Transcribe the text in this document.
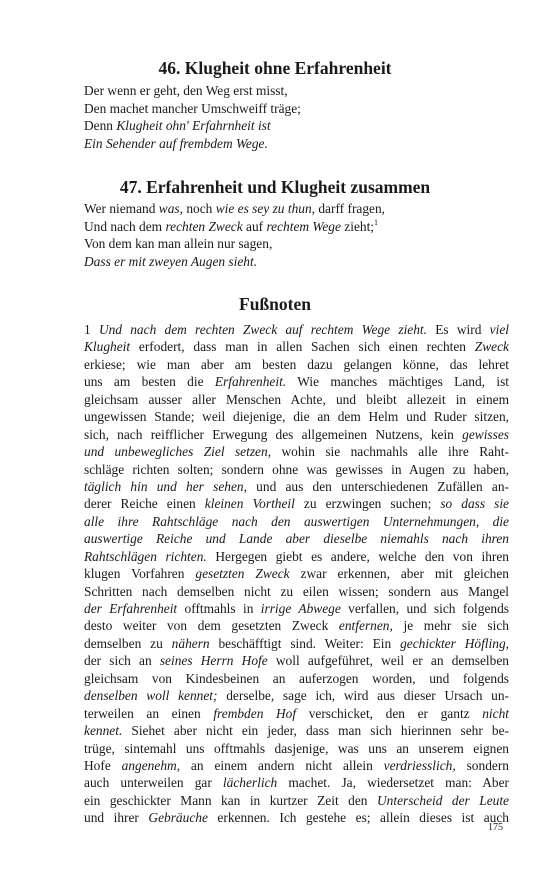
46. Klugheit ohne Erfahrenheit
Der wenn er geht, den Weg erst misst,
Den machet mancher Umschweiff träge;
Denn Klugheit ohn' Erfahrnheit ist
Ein Sehender auf frembdem Wege.
47. Erfahrenheit und Klugheit zusammen
Wer niemand was, noch wie es sey zu thun, darff fragen,
Und nach dem rechten Zweck auf rechtem Wege zieht;$^1$
Von dem kan man allein nur sagen,
Dass er mit zweyen Augen sieht.
Fußnoten
1 Und nach dem rechten Zweck auf rechtem Wege zieht. Es wird viel
Klugheit erfodert, dass man in allen Sachen sich einen rechten Zweck
erkiese; wie man aber am besten dazu gelangen könne, das lehret
uns am besten die Erfahrenheit. Wie manches mächtiges Land, ist
gleichsam ausser aller Menschen Achte, und bleibt allezeit in einem
ungewissen Stande; weil diejenige, die an dem Helm und Ruder sitzen,
sich, nach reifflicher Erwegung des allgemeinen Nutzens, kein gewisses
und unbewegliches Ziel setzen, wohin sie nachmahls alle ihre Raht-
schläge richten solten; sondern ohne was gewisses in Augen zu haben,
täglich hin und her sehen, und aus den unterschiedenen Zufällen an-
derer Reiche einen kleinen Vortheil zu erzwingen suchen; so dass sie
alle ihre Rahtschläge nach den auswertigen Unternehmungen, die
auswertige Reiche und Lande aber dieselbe niemahls nach ihren
Rahtschlägen richten. Hergegen giebt es andere, welche den von ihren
klugen Vorfahren gesetzten Zweck zwar erkennen, aber mit gleichen
Schritten nach demselben nicht zu eilen wissen; sondern aus Mangel
der Erfahrenheit offtmahls in irrige Abwege verfallen, und sich folgends
desto weiter von dem gesetzten Zweck entfernen, je mehr sie sich
demselben zu nähern beschäfftigt sind. Weiter: Ein gechickter Höfling,
der sich an seines Herrn Hofe woll aufgeführet, weil er an demselben
gleichsam von Kindesbeinen an auferzogen worden, und folgends
denselben woll kennet; derselbe, sage ich, wird aus dieser Ursach un-
terweilen an einen frembden Hof verschicket, den er gantz nicht
kennet. Siehet aber nicht ein jeder, dass man sich hierinnen sehr be-
trüge, sintemahl uns offtmahls dasjenige, was uns an unserem eignen
Hofe angenehm, an einem andern nicht allein verdriesslich, sondern
auch unterweilen gar lächerlich machet. Ja, wiedersetzet man: Aber
ein geschickter Mann kan in kurtzer Zeit den Unterscheid der Leute
und ihrer Gebräuche erkennen. Ich gestehe es; allein dieses ist auch
175
